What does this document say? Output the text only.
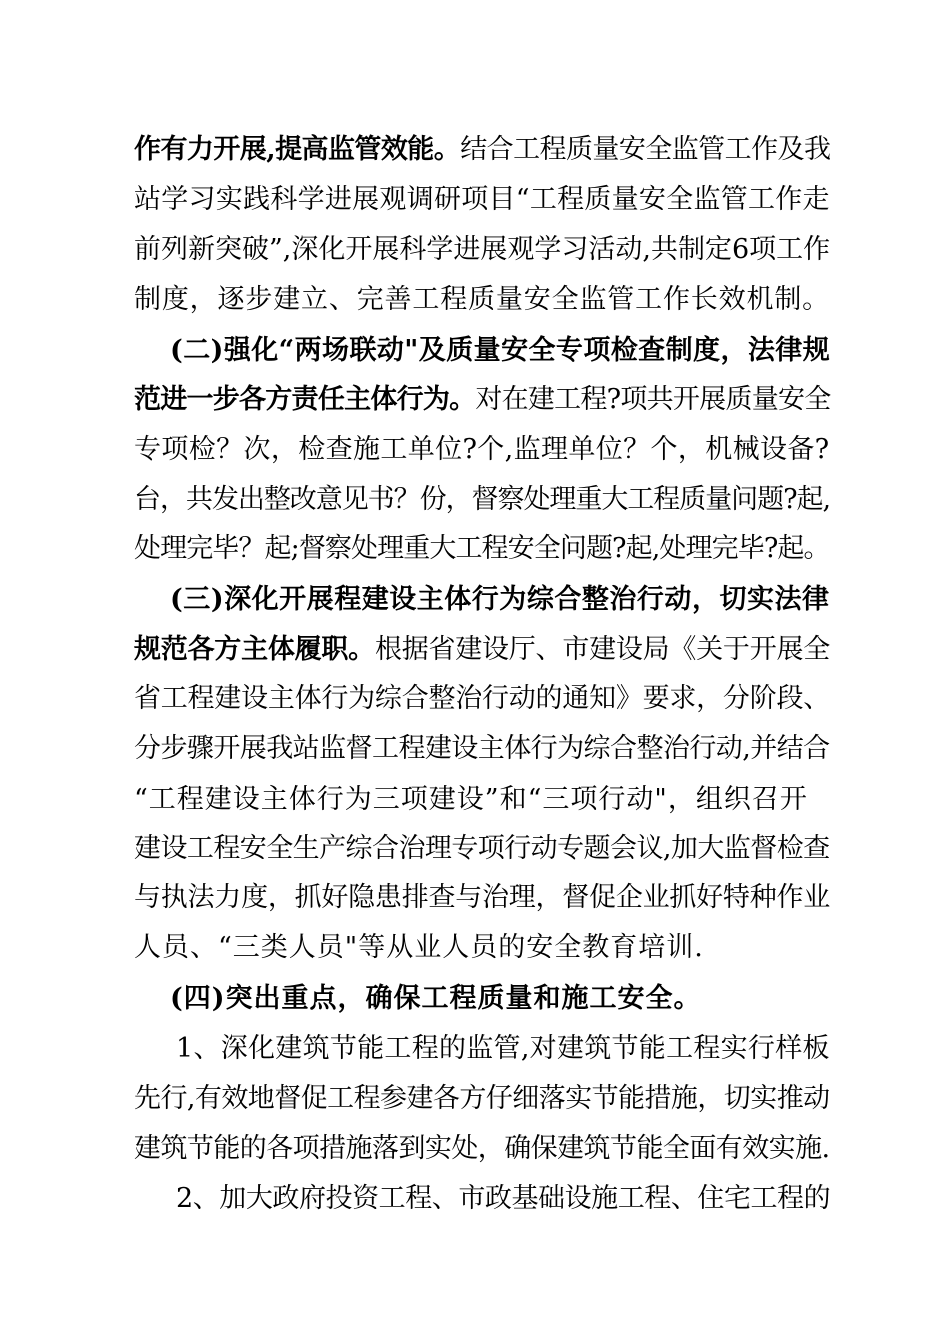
作有力开展,提高监管效能。结合工程质量安全监管工作及我
站学习实践科学进展观调研项目“工程质量安全监管工作走
前列新突破”,深化开展科学进展观学习活动,共制定6项工作
制度，逐步建立、完善工程质量安全监管工作长效机制。
(二)强化“两场联动"及质量安全专项检查制度，法律规
范进一步各方责任主体行为。对在建工程?项共开展质量安全
专项检？次，检查施工单位?个,监理单位？个，机械设备?
台，共发出整改意见书？份，督察处理重大工程质量问题?起,
处理完毕？起;督察处理重大工程安全问题?起,处理完毕?起。
(三)深化开展程建设主体行为综合整治行动，切实法律
规范各方主体履职。根据省建设厅、市建设局《关于开展全
省工程建设主体行为综合整治行动的通知》要求，分阶段、
分步骤开展我站监督工程建设主体行为综合整治行动,并结合
“工程建设主体行为三项建设”和“三项行动"，组织召开
建设工程安全生产综合治理专项行动专题会议,加大监督检查
与执法力度，抓好隐患排查与治理，督促企业抓好特种作业
人员、“三类人员"等从业人员的安全教育培训.
(四)突出重点，确保工程质量和施工安全。
1、深化建筑节能工程的监管,对建筑节能工程实行样板
先行,有效地督促工程参建各方仔细落实节能措施，切实推动
建筑节能的各项措施落到实处，确保建筑节能全面有效实施.
2、加大政府投资工程、市政基础设施工程、住宅工程的
